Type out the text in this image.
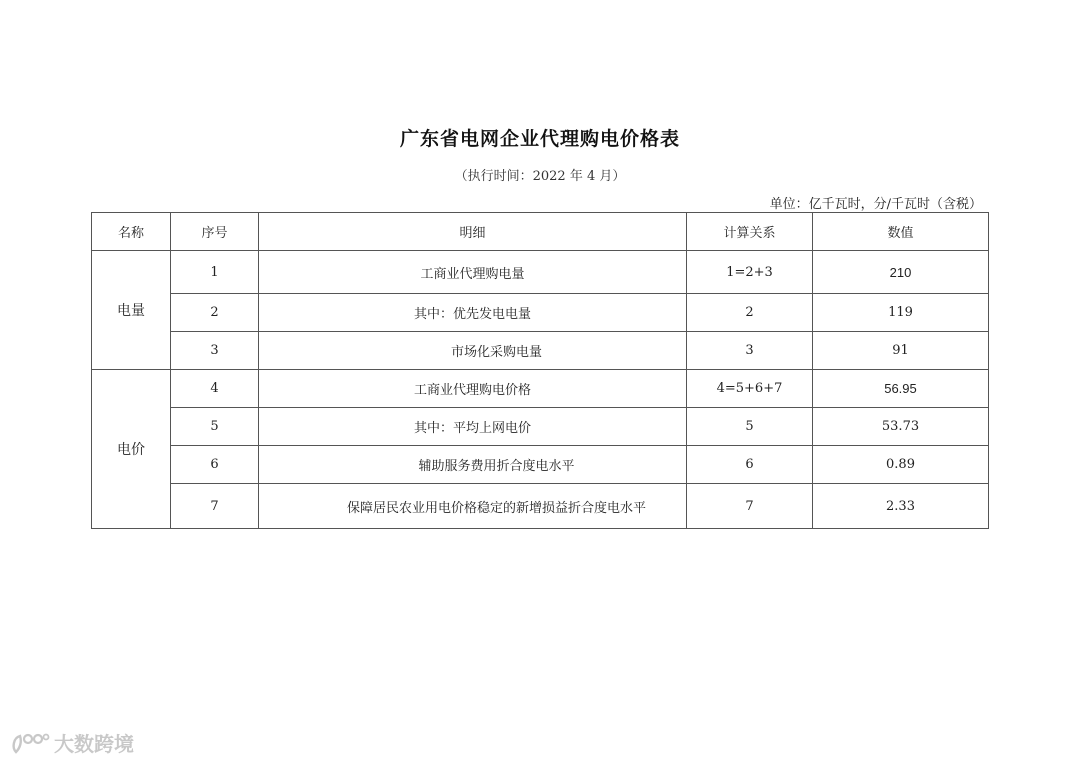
广东省电网企业代理购电价格表
（执行时间：2022 年 4 月）
单位：亿千瓦时，分/千瓦时（含税）
名称	序号	明细	计算关系	数值
电量	1	工商业代理购电量	1=2+3	210
	2	其中：优先发电电量	2	119
	3	市场化采购电量	3	91
电价	4	工商业代理购电价格	4=5+6+7	56.95
	5	其中：平均上网电价	5	53.73
	6	辅助服务费用折合度电水平	6	0.89
	7	保障居民农业用电价格稳定的新增损益折合度电水平	7	2.33
大数跨境
